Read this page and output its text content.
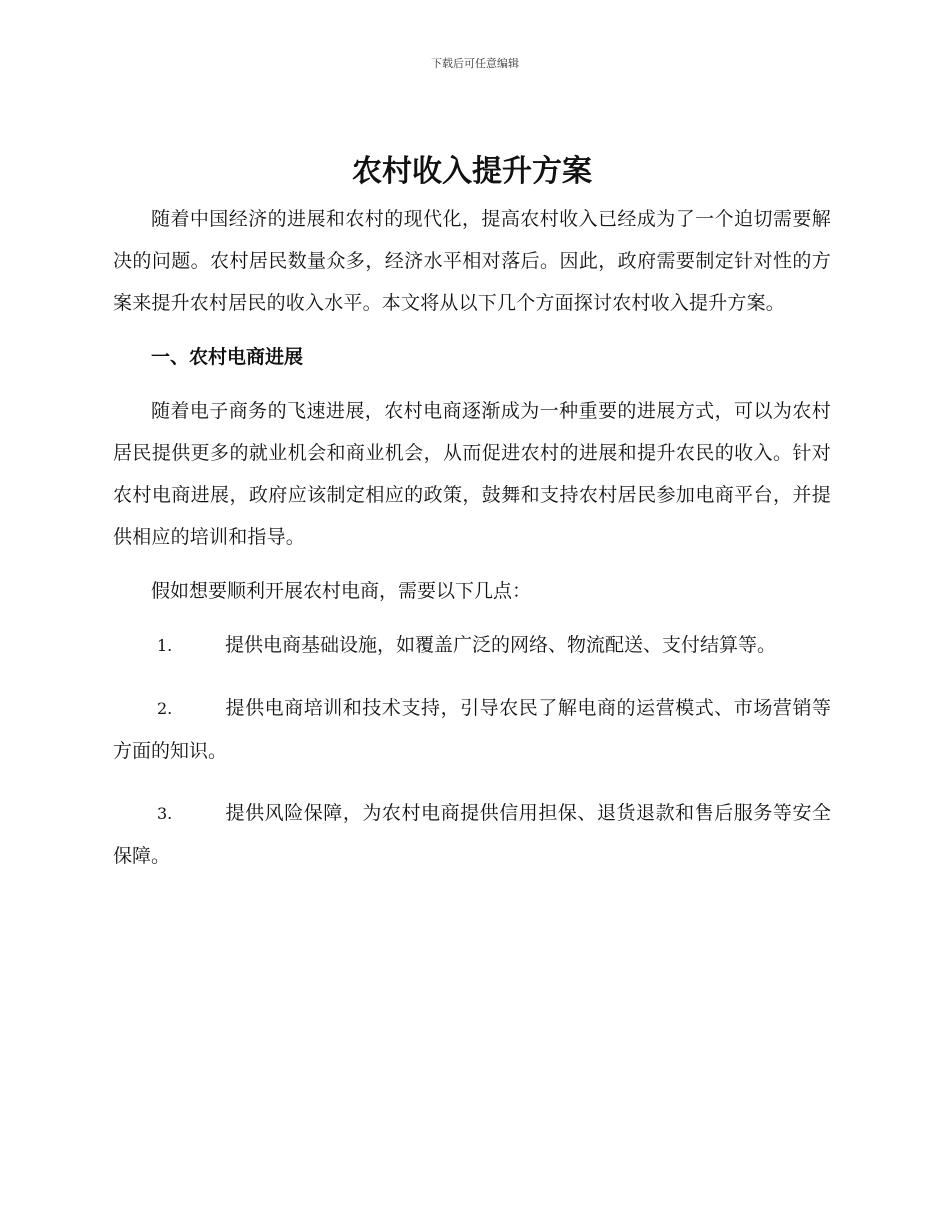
下载后可任意编辑
农村收入提升方案

随着中国经济的进展和农村的现代化，提高农村收入已经成为了一个迫切需要解决的问题。农村居民数量众多，经济水平相对落后。因此，政府需要制定针对性的方案来提升农村居民的收入水平。本文将从以下几个方面探讨农村收入提升方案。

一、农村电商进展

随着电子商务的飞速进展，农村电商逐渐成为一种重要的进展方式，可以为农村居民提供更多的就业机会和商业机会，从而促进农村的进展和提升农民的收入。针对农村电商进展，政府应该制定相应的政策，鼓舞和支持农村居民参加电商平台，并提供相应的培训和指导。

假如想要顺利开展农村电商，需要以下几点：

1.	提供电商基础设施，如覆盖广泛的网络、物流配送、支付结算等。
2.	提供电商培训和技术支持，引导农民了解电商的运营模式、市场营销等方面的知识。
3.	提供风险保障，为农村电商提供信用担保、退货退款和售后服务等安全保障。
